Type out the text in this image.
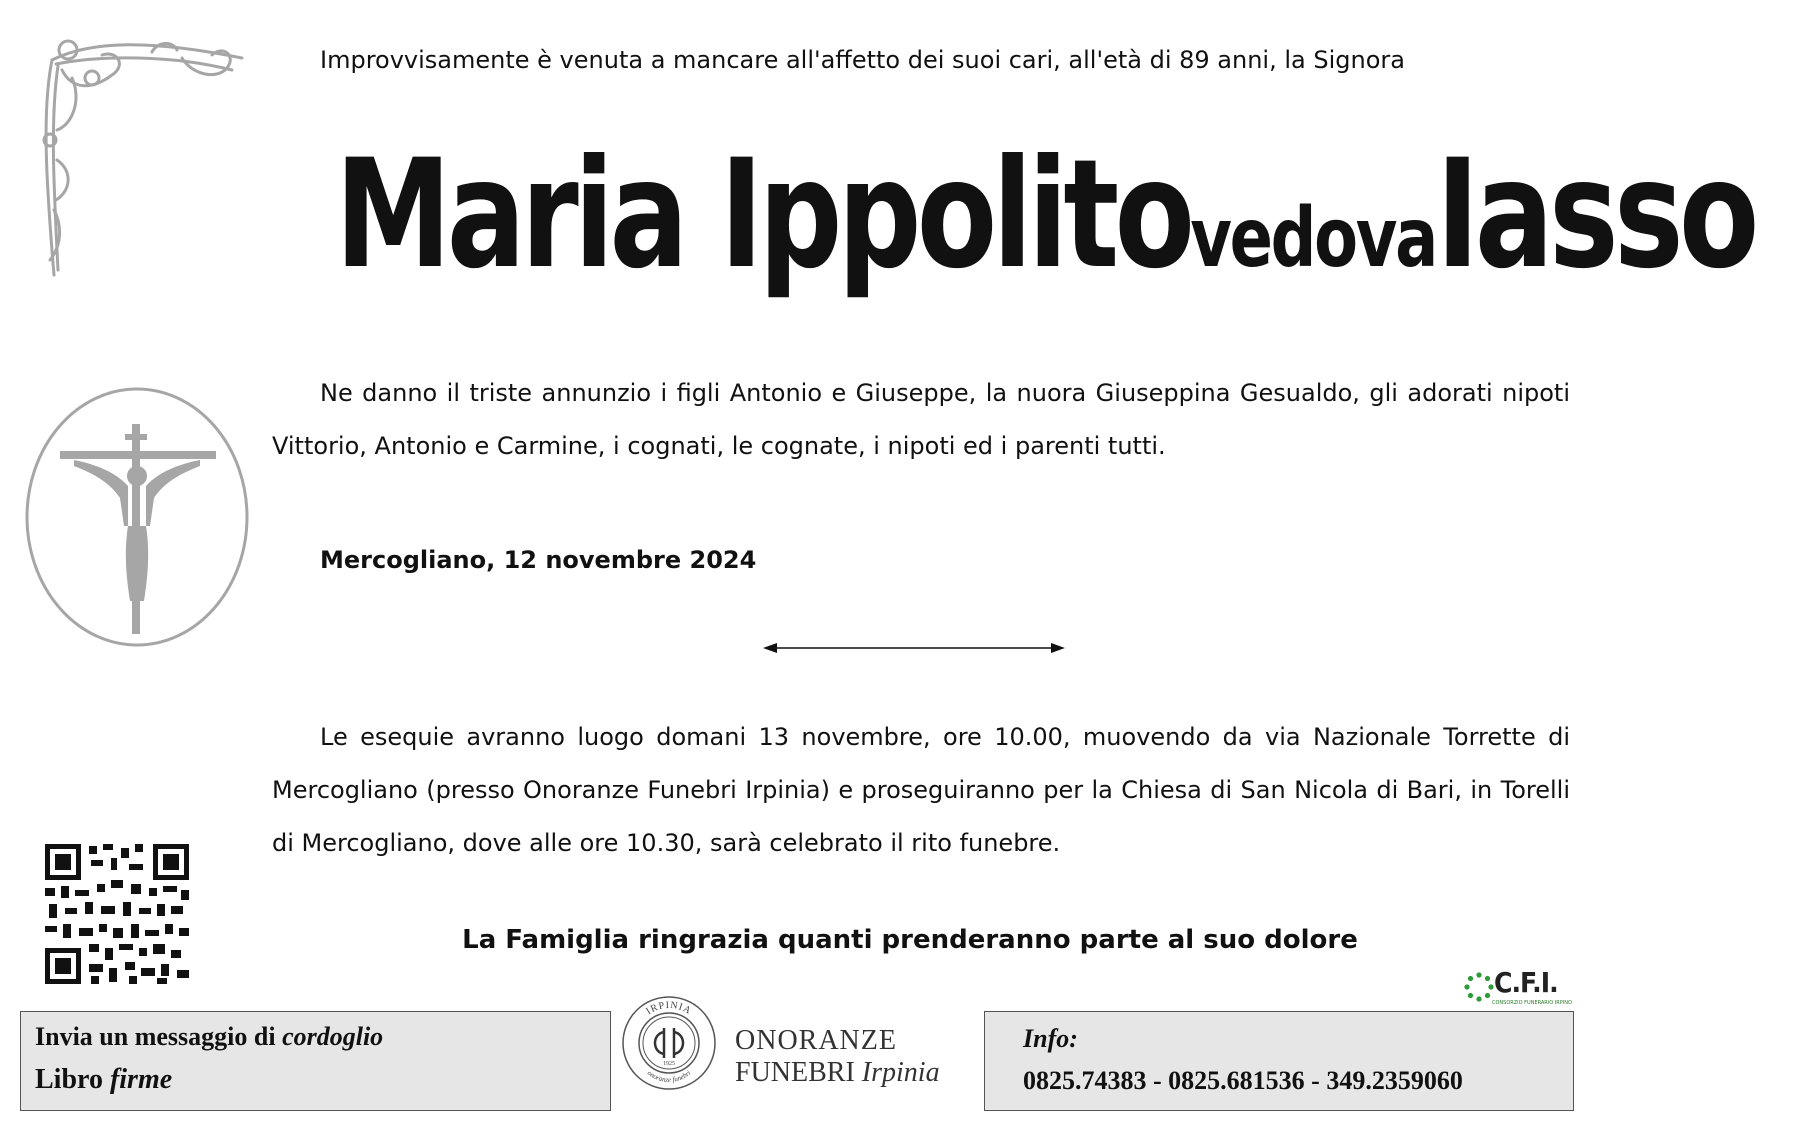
Improvvisamente è venuta a mancare all'affetto dei suoi cari, all'età di 89 anni, la Signora
Maria Ippolito vedova Iasso
Ne danno il triste annunzio i figli Antonio e Giuseppe, la nuora Giuseppina Gesualdo, gli adorati nipoti Vittorio, Antonio e Carmine, i cognati, le cognate, i nipoti ed i parenti tutti.
Mercogliano, 12 novembre 2024
Le esequie avranno luogo domani 13 novembre, ore 10.00, muovendo da via Nazionale Torrette di Mercogliano (presso Onoranze Funebri Irpinia) e proseguiranno per la Chiesa di San Nicola di Bari, in Torelli di Mercogliano, dove alle ore 10.30, sarà celebrato il rito funebre.
La Famiglia ringrazia quanti prenderanno parte al suo dolore
C.F.I.
CONSORZIO FUNERARIO IRPINO
Invia un messaggio di cordoglio
Libro firme
IRPINIA
onoranze funebri
1925
ONORANZE
FUNEBRI Irpinia
Info:
0825.74383 - 0825.681536 - 349.2359060
